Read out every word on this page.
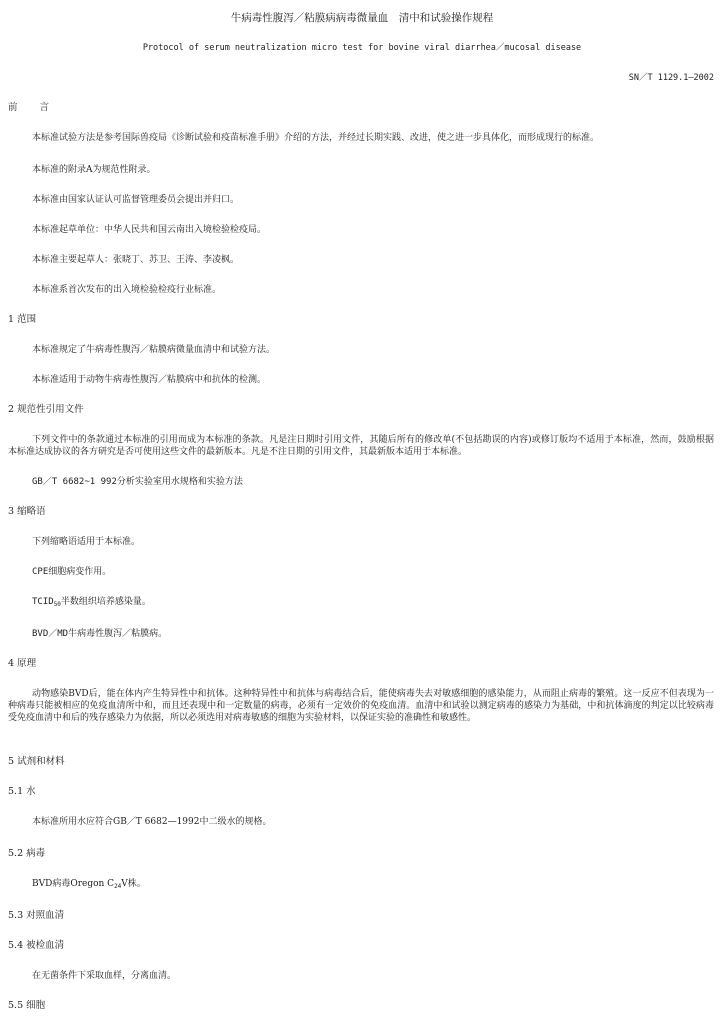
牛病毒性腹泻／粘膜病病毒微量血　清中和试验操作规程
Protocol of serum neutralization micro test for bovine viral diarrhea／mucosal disease
SN／T 1129.1—2002
前言
本标准试验方法是参考国际兽疫局《诊断试验和疫苗标准手册》介绍的方法，并经过长期实践、改进，使之进一步具体化，而形成现行的标准。
本标准的附录A为规范性附录。
本标准由国家认证认可监督管理委员会提出并归口。
本标准起草单位：中华人民共和国云南出入境检验检疫局。
本标准主要起草人：张晓丁、苏卫、王涛、李凌枫。
本标准系首次发布的出入境检验检疫行业标准。
1 范围
本标准规定了牛病毒性腹泻／粘膜病微量血清中和试验方法。
本标准适用于动物牛病毒性腹泻／粘膜病中和抗体的检测。
2 规范性引用文件
下列文件中的条款通过本标准的引用而成为本标准的条款。凡是注日期时引用文件，其随后所有的修改单(不包括勘误的内容)或修订版均不适用于本标准，然而，鼓励根据本标准达成协议的各方研究是否可使用这些文件的最新版本。凡是不注日期的引用文件，其最新版本适用于本标准。
GB／T 6682~1 992分析实验室用水规格和实验方法
3 缩略语
下列缩略语适用于本标准。
CPE细胞病变作用。
$TCID_{50}$半数组织培养感染量。
BVD／MD牛病毒性腹泻／粘膜病。
4 原理
动物感染BVD后，能在体内产生特异性中和抗体。这种特异性中和抗体与病毒结合后，能使病毒失去对敏感细胞的感染能力，从而阻止病毒的繁殖。这一反应不但表现为一种病毒只能被相应的免疫血清所中和，而且还表现中和一定数量的病毒，必须有一定效价的免疫血清。血清中和试验以测定病毒的感染力为基础，中和抗体滴度的判定以比较病毒受免疫血清中和后的残存感染力为依据，所以必须选用对病毒敏感的细胞为实验材料，以保证实验的准确性和敏感性。
5 试剂和材料
5.1 水
本标准所用水应符合GB／T 6682—1992中二级水的规格。
5.2 病毒
BVD病毒Oregon $C_{24}V$株。
5.3 对照血清
5.4 被检血清
在无菌条件下采取血样，分离血清。
5.5 细胞
